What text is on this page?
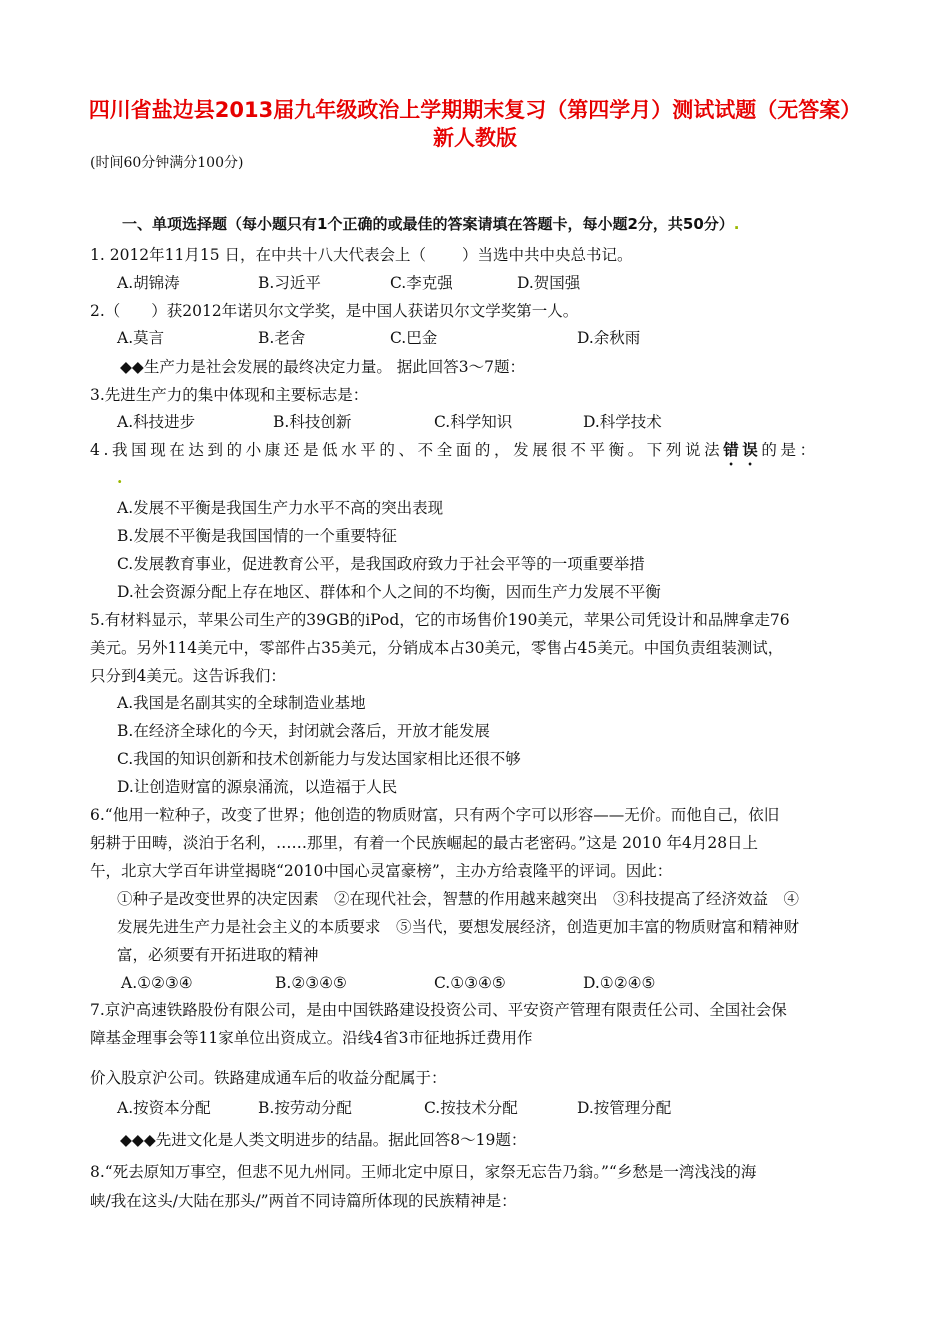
四川省盐边县2013届九年级政治上学期期末复习（第四学月）测试试题（无答案） 新人教版
(时间60分钟满分100分)
一、单项选择题（每小题只有1个正确的或最佳的答案请填在答题卡，每小题2分，共50分）.
1. 2012年11月15 日，在中共十八大代表会上（　　 ）当选中共中央总书记。
A.胡锦涛	B.习近平	C.李克强	D.贺国强
2.（　　）获2012年诺贝尔文学奖，是中国人获诺贝尔文学奖第一人。
A.莫言	B.老舍	C.巴金	D.余秋雨
◆◆生产力是社会发展的最终决定力量。 据此回答3～7题：
3.先进生产力的集中体现和主要标志是：
A.科技进步	B.科技创新	C.科学知识	D.科学技术
4.我国现在达到的小康还是低水平的、不全面的，发展很不平衡。下列说法错误的是：
.
A.发展不平衡是我国生产力水平不高的突出表现
B.发展不平衡是我国国情的一个重要特征
C.发展教育事业，促进教育公平，是我国政府致力于社会平等的一项重要举措
D.社会资源分配上存在地区、群体和个人之间的不均衡，因而生产力发展不平衡
5.有材料显示，苹果公司生产的39GB的iPod，它的市场售价190美元，苹果公司凭设计和品牌拿走76
美元。另外114美元中，零部件占35美元，分销成本占30美元，零售占45美元。中国负责组装测试，
只分到4美元。这告诉我们：
A.我国是名副其实的全球制造业基地
B.在经济全球化的今天，封闭就会落后，开放才能发展
C.我国的知识创新和技术创新能力与发达国家相比还很不够
D.让创造财富的源泉涌流，以造福于人民
6.“他用一粒种子，改变了世界；他创造的物质财富，只有两个字可以形容——无价。而他自己，依旧
躬耕于田畴，淡泊于名利，……那里，有着一个民族崛起的最古老密码。”这是 2010 年4月28日上
午，北京大学百年讲堂揭晓“2010中国心灵富豪榜”，主办方给袁隆平的评词。因此：
①种子是改变世界的决定因素　②在现代社会，智慧的作用越来越突出　③科技提高了经济效益　④
发展先进生产力是社会主义的本质要求　⑤当代，要想发展经济，创造更加丰富的物质财富和精神财
富，必须要有开拓进取的精神
A.①②③④	B.②③④⑤	C.①③④⑤	D.①②④⑤
7.京沪高速铁路股份有限公司，是由中国铁路建设投资公司、平安资产管理有限责任公司、全国社会保
障基金理事会等11家单位出资成立。沿线4省3市征地拆迁费用作
价入股京沪公司。铁路建成通车后的收益分配属于：
A.按资本分配	B.按劳动分配	C.按技术分配	D.按管理分配
◆◆◆先进文化是人类文明进步的结晶。据此回答8～19题：
8.“死去原知万事空，但悲不见九州同。王师北定中原日，家祭无忘告乃翁。”“乡愁是一湾浅浅的海
峡/我在这头/大陆在那头/”两首不同诗篇所体现的民族精神是：
